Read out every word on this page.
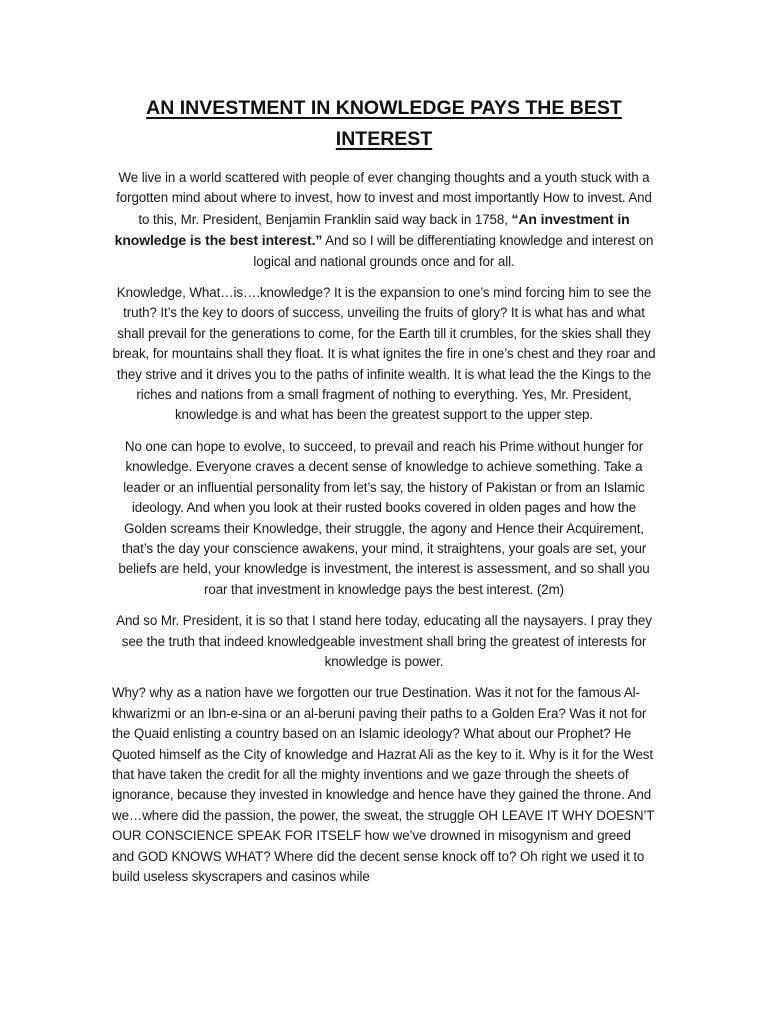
AN INVESTMENT IN KNOWLEDGE PAYS THE BEST INTEREST

We live in a world scattered with people of ever changing thoughts and a youth stuck with a forgotten mind about where to invest, how to invest and most importantly How to invest. And to this, Mr. President, Benjamin Franklin said way back in 1758, “An investment in knowledge is the best interest.” And so I will be differentiating knowledge and interest on logical and national grounds once and for all.

Knowledge, What…is….knowledge? It is the expansion to one’s mind forcing him to see the truth? It’s the key to doors of success, unveiling the fruits of glory? It is what has and what shall prevail for the generations to come, for the Earth till it crumbles, for the skies shall they break, for mountains shall they float. It is what ignites the fire in one’s chest and they roar and they strive and it drives you to the paths of infinite wealth. It is what lead the the Kings to the riches and nations from a small fragment of nothing to everything. Yes, Mr. President, knowledge is and what has been the greatest support to the upper step.

No one can hope to evolve, to succeed, to prevail and reach his Prime without hunger for knowledge. Everyone craves a decent sense of knowledge to achieve something. Take a leader or an influential personality from let’s say, the history of Pakistan or from an Islamic ideology. And when you look at their rusted books covered in olden pages and how the Golden screams their Knowledge, their struggle, the agony and Hence their Acquirement, that’s the day your conscience awakens, your mind, it straightens, your goals are set, your beliefs are held, your knowledge is investment, the interest is assessment, and so shall you roar that investment in knowledge pays the best interest. (2m)

And so Mr. President, it is so that I stand here today, educating all the naysayers. I pray they see the truth that indeed knowledgeable investment shall bring the greatest of interests for knowledge is power.

Why? why as a nation have we forgotten our true Destination. Was it not for the famous Al-khwarizmi or an Ibn-e-sina or an al-beruni paving their paths to a Golden Era? Was it not for the Quaid enlisting a country based on an Islamic ideology? What about our Prophet? He Quoted himself as the City of knowledge and Hazrat Ali as the key to it. Why is it for the West that have taken the credit for all the mighty inventions and we gaze through the sheets of ignorance, because they invested in knowledge and hence have they gained the throne. And we…where did the passion, the power, the sweat, the struggle OH LEAVE IT WHY DOESN’T OUR CONSCIENCE SPEAK FOR ITSELF how we’ve drowned in misogynism and greed and GOD KNOWS WHAT? Where did the decent sense knock off to? Oh right we used it to build useless skyscrapers and casinos while
